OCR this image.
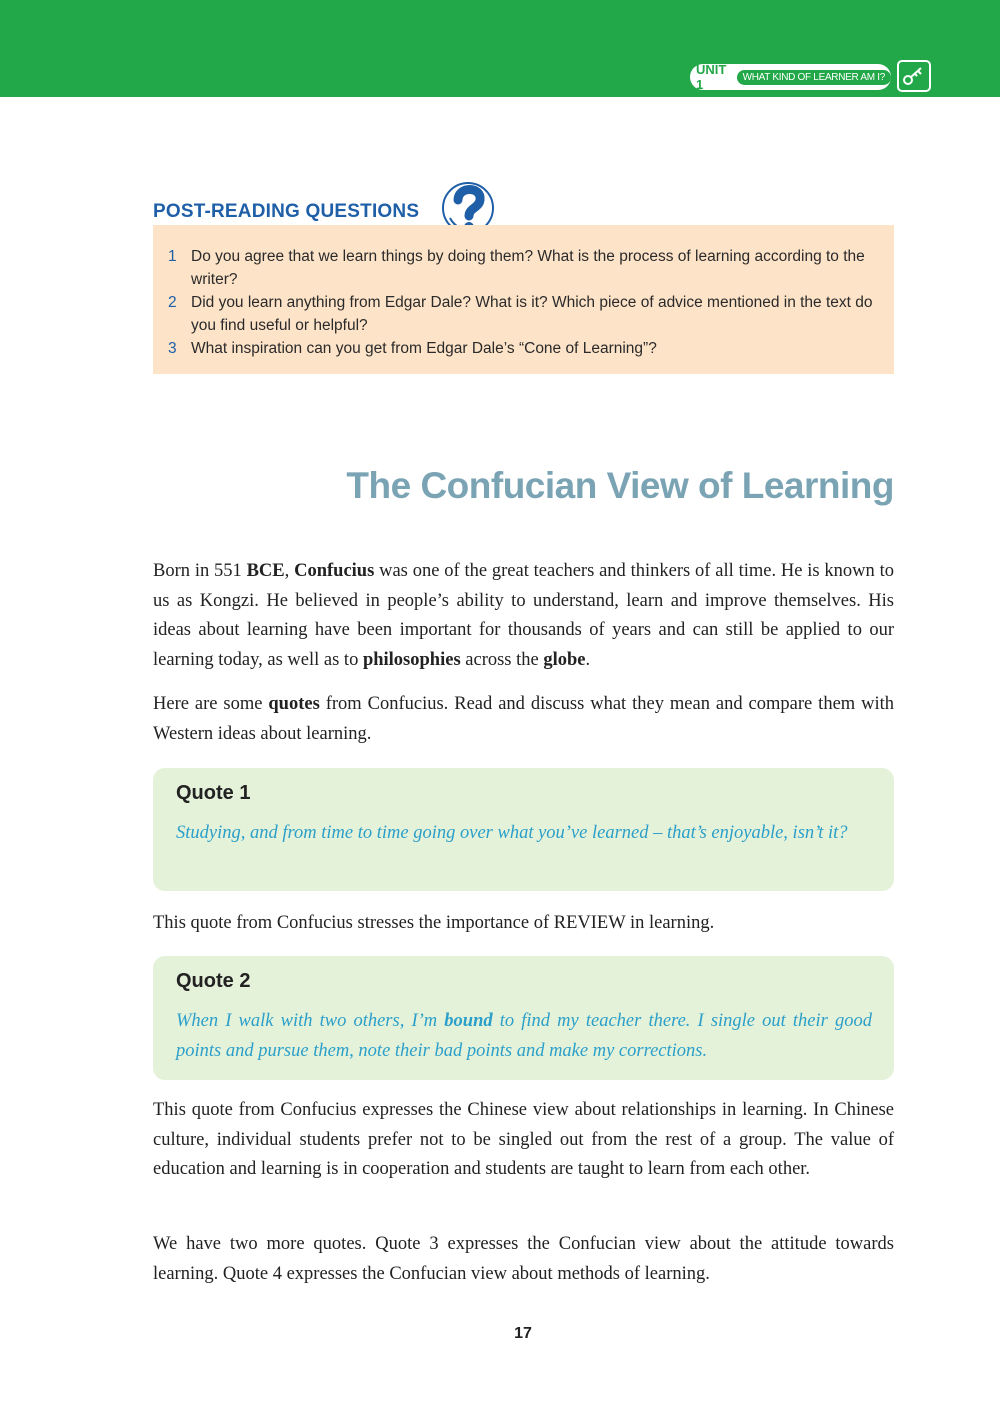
UNIT 1	WHAT KIND OF LEARNER AM I?
POST-READING QUESTIONS
1 Do you agree that we learn things by doing them? What is the process of learning according to the writer?
2 Did you learn anything from Edgar Dale? What is it? Which piece of advice mentioned in the text do you find useful or helpful?
3 What inspiration can you get from Edgar Dale’s “Cone of Learning”?
The Confucian View of Learning

Born in 551 BCE, Confucius was one of the great teachers and thinkers of all time. He is known to us as Kongzi. He believed in people’s ability to understand, learn and improve themselves. His ideas about learning have been important for thousands of years and can still be applied to our learning today, as well as to philosophies across the globe.

Here are some quotes from Confucius. Read and discuss what they mean and compare them with Western ideas about learning.

Quote 1

Studying, and from time to time going over what you’ve learned – that’s enjoyable, isn’t it?

This quote from Confucius stresses the importance of REVIEW in learning.

Quote 2

When I walk with two others, I’m bound to find my teacher there. I single out their good points and pursue them, note their bad points and make my corrections.

This quote from Confucius expresses the Chinese view about relationships in learning. In Chinese culture, individual students prefer not to be singled out from the rest of a group. The value of education and learning is in cooperation and students are taught to learn from each other.

We have two more quotes. Quote 3 expresses the Confucian view about the attitude towards learning. Quote 4 expresses the Confucian view about methods of learning.

17
